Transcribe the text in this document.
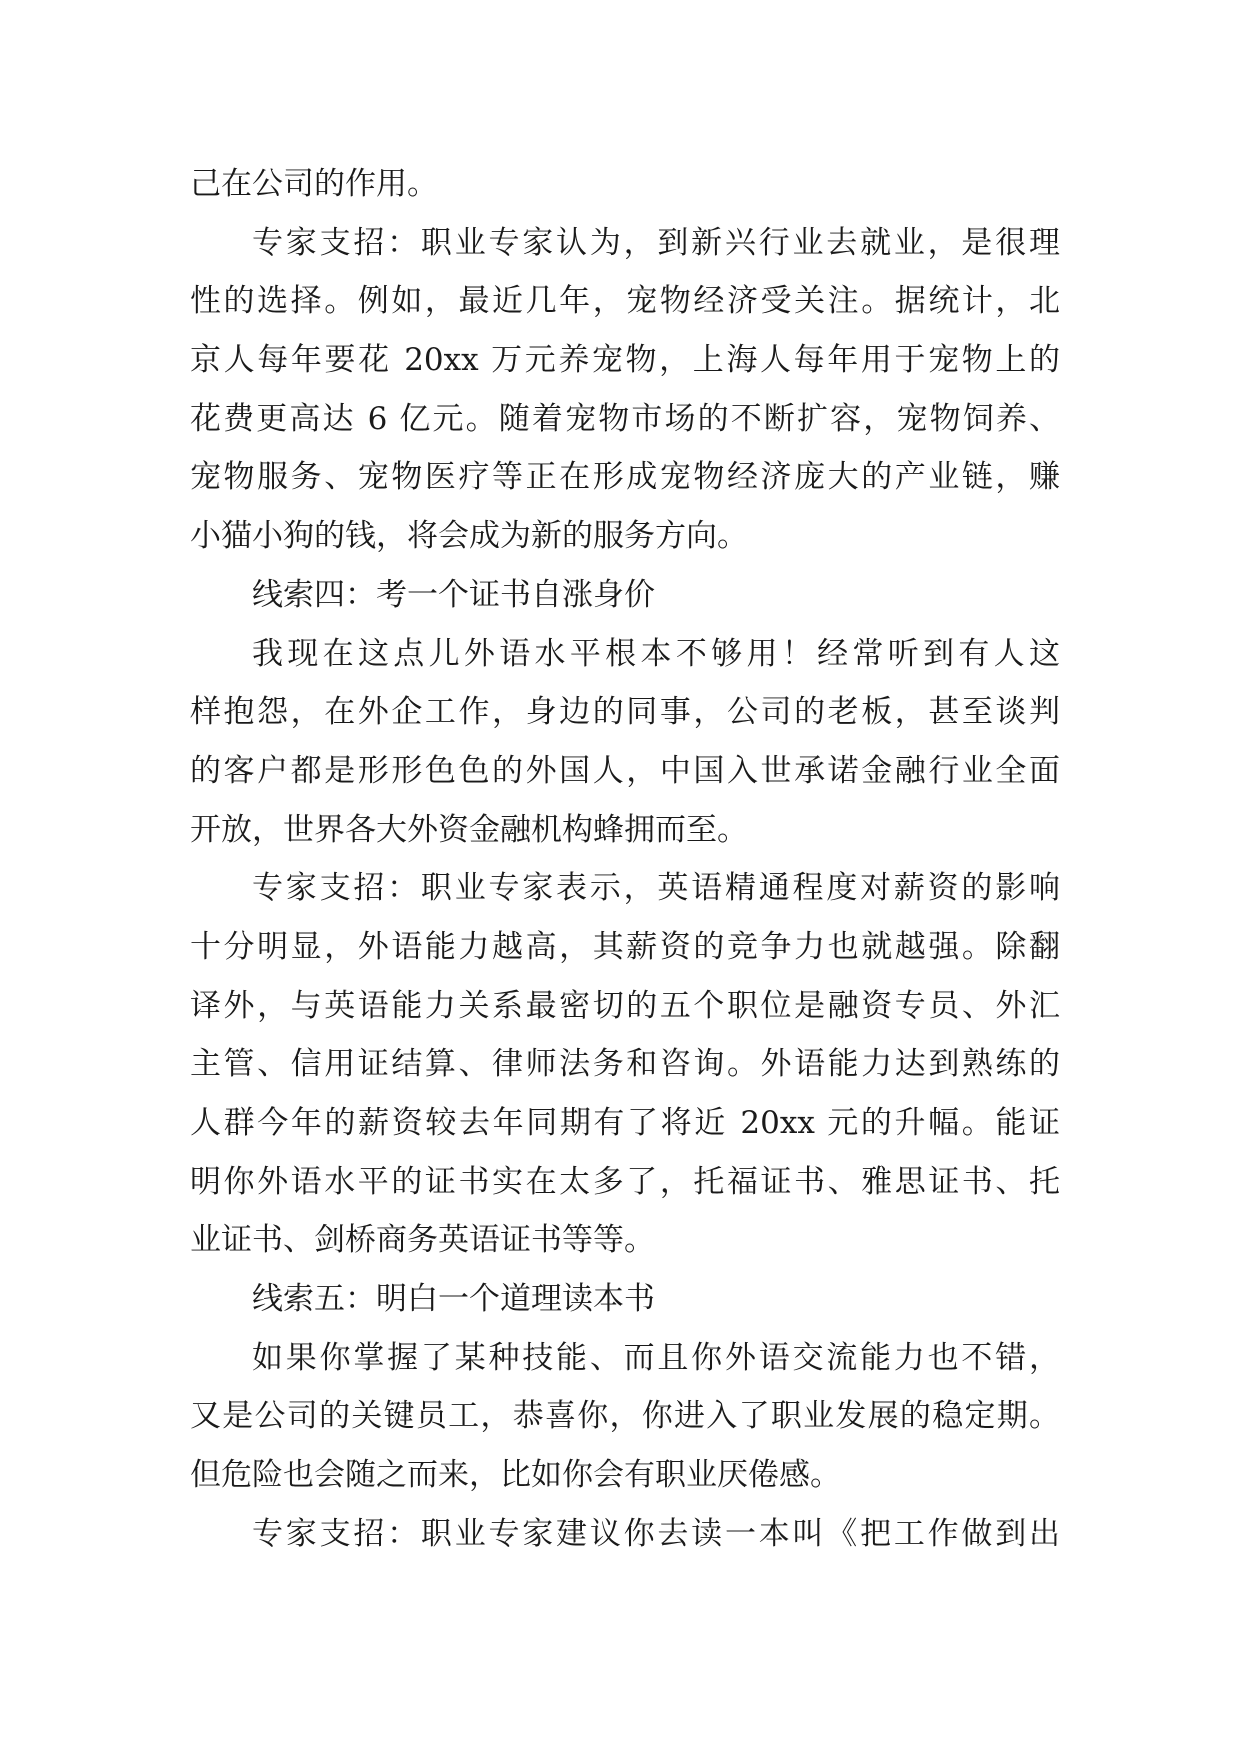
己在公司的作用。
专家支招：职业专家认为，到新兴行业去就业，是很理
性的选择。例如，最近几年，宠物经济受关注。据统计，北
京人每年要花 20xx 万元养宠物，上海人每年用于宠物上的
花费更高达 6 亿元。随着宠物市场的不断扩容，宠物饲养、
宠物服务、宠物医疗等正在形成宠物经济庞大的产业链，赚
小猫小狗的钱，将会成为新的服务方向。
线索四：考一个证书自涨身价
我现在这点儿外语水平根本不够用！经常听到有人这
样抱怨，在外企工作，身边的同事，公司的老板，甚至谈判
的客户都是形形色色的外国人，中国入世承诺金融行业全面
开放，世界各大外资金融机构蜂拥而至。
专家支招：职业专家表示，英语精通程度对薪资的影响
十分明显，外语能力越高，其薪资的竞争力也就越强。除翻
译外，与英语能力关系最密切的五个职位是融资专员、外汇
主管、信用证结算、律师法务和咨询。外语能力达到熟练的
人群今年的薪资较去年同期有了将近 20xx 元的升幅。能证
明你外语水平的证书实在太多了，托福证书、雅思证书、托
业证书、剑桥商务英语证书等等。
线索五：明白一个道理读本书
如果你掌握了某种技能、而且你外语交流能力也不错，
又是公司的关键员工，恭喜你，你进入了职业发展的稳定期。
但危险也会随之而来，比如你会有职业厌倦感。
专家支招：职业专家建议你去读一本叫《把工作做到出
